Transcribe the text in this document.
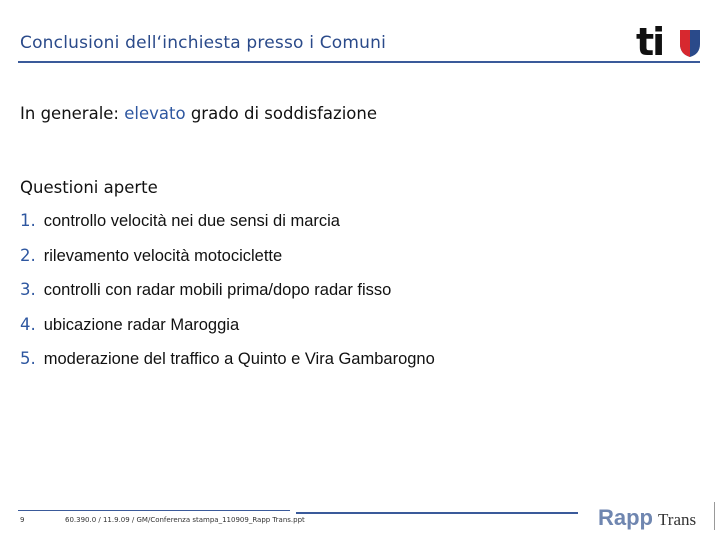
Conclusioni dell‘inchiesta presso i Comuni	ti
In generale: elevato grado di soddisfazione
Questioni aperte
1. controllo velocità nei due sensi di marcia
2. rilevamento velocità motociclette
3. controlli con radar mobili prima/dopo radar fisso
4. ubicazione radar Maroggia
5. moderazione del traffico a Quinto e Vira Gambarogno
9	60.390.0 / 11.9.09 / GM/Conferenza stampa_110909_Rapp Trans.ppt	Rapp Trans
